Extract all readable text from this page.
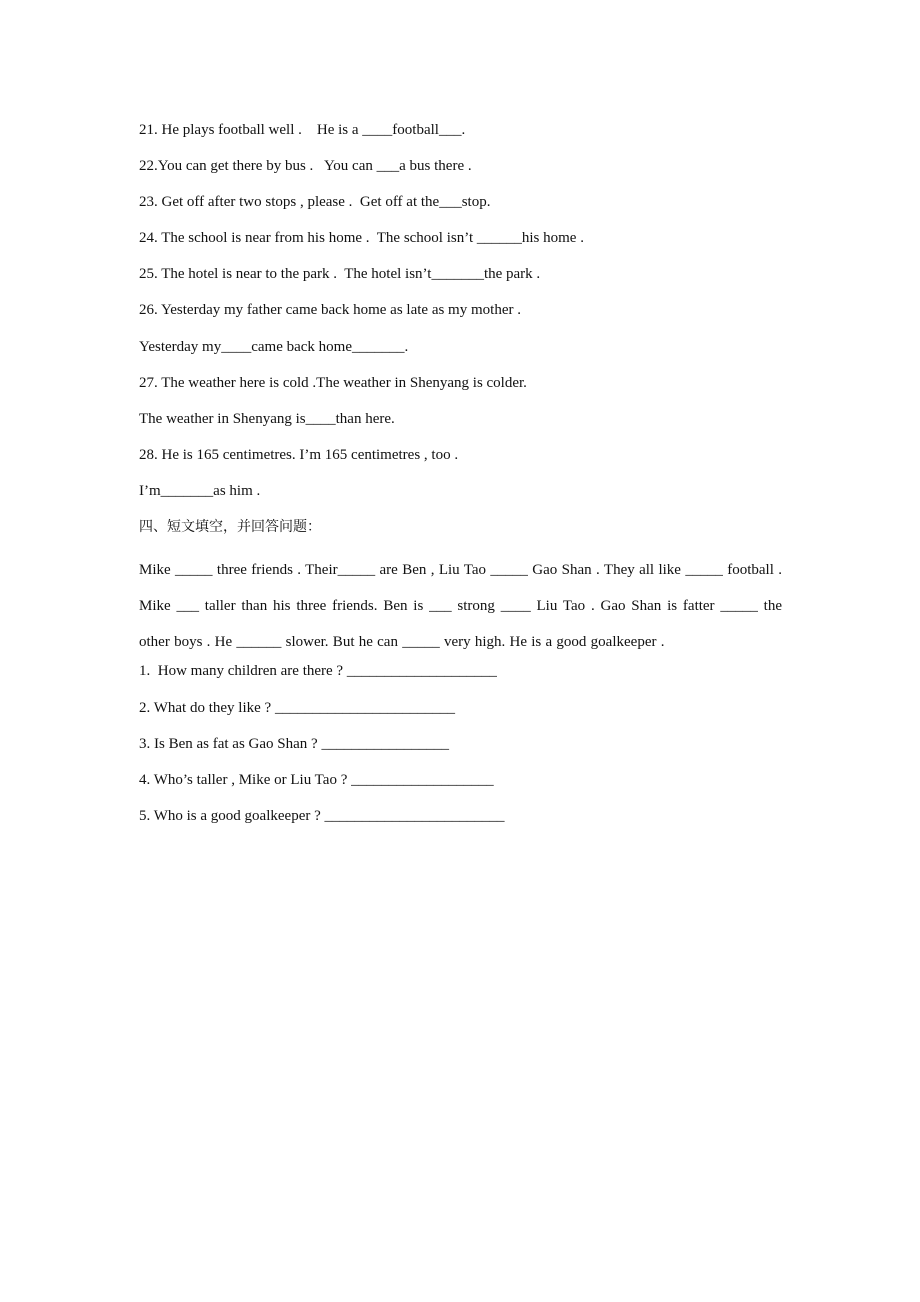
21. He plays football well .    He is a ____football___.
22.You can get there by bus .   You can ___a bus there .
23. Get off after two stops , please .  Get off at the___stop.
24. The school is near from his home .  The school isn’t ______his home .
25. The hotel is near to the park .  The hotel isn’t_______the park .
26. Yesterday my father came back home as late as my mother .
Yesterday my____came back home_______.
27. The weather here is cold .The weather in Shenyang is colder.
The weather in Shenyang is____than here.
28. He is 165 centimetres. I’m 165 centimetres , too .
I’m_______as him .
四、短文填空，并回答问题：

Mike _____ three friends . Their_____ are Ben , Liu Tao _____ Gao Shan . They all like _____ football . Mike ___ taller than his three friends. Ben is ___ strong ____ Liu Tao . Gao Shan is fatter _____ the other boys . He ______ slower. But he can _____ very high. He is a good goalkeeper .

1.  How many children are there ? ____________________
2. What do they like ? ________________________
3. Is Ben as fat as Gao Shan ? _________________
4. Who’s taller , Mike or Liu Tao ? ___________________
5. Who is a good goalkeeper ? ________________________
